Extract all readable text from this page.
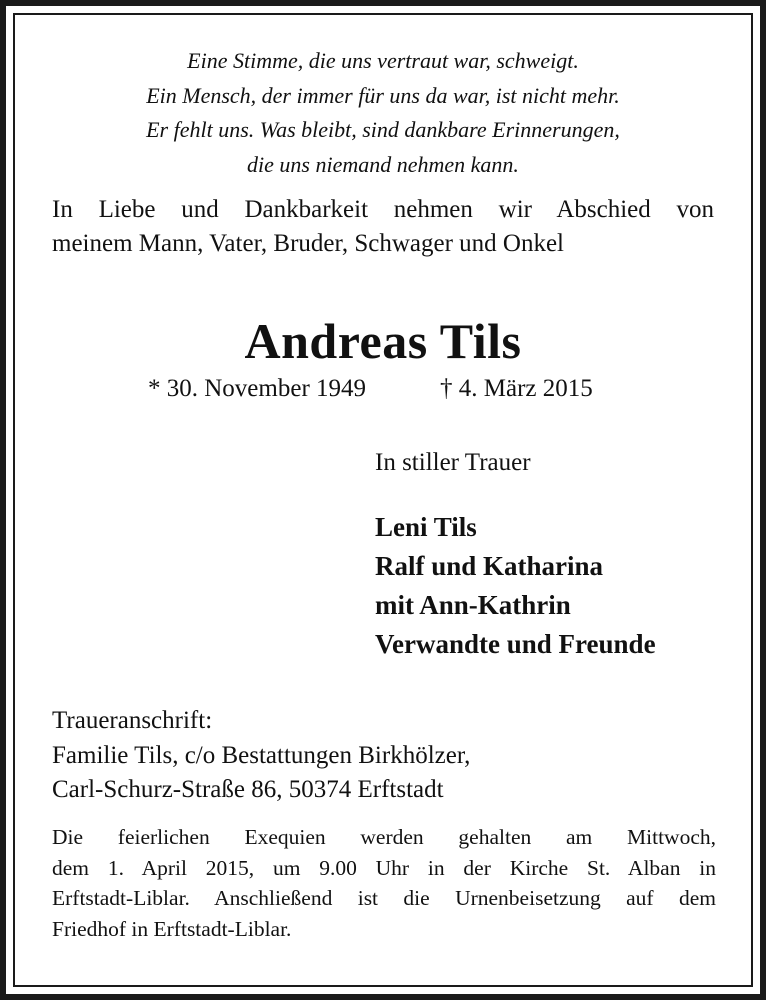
Eine Stimme, die uns vertraut war, schweigt.
Ein Mensch, der immer für uns da war, ist nicht mehr.
Er fehlt uns. Was bleibt, sind dankbare Erinnerungen,
die uns niemand nehmen kann.
In Liebe und Dankbarkeit nehmen wir Abschied von
meinem Mann, Vater, Bruder, Schwager und Onkel
Andreas Tils
* 30. November 1949	† 4. März 2015
In stiller Trauer
Leni Tils
Ralf und Katharina
mit Ann-Kathrin
Verwandte und Freunde
Traueranschrift:
Familie Tils, c/o Bestattungen Birkhölzer,
Carl-Schurz-Straße 86, 50374 Erftstadt
Die feierlichen Exequien werden gehalten am Mittwoch,
dem 1. April 2015, um 9.00 Uhr in der Kirche St. Alban in
Erftstadt-Liblar. Anschließend ist die Urnenbeisetzung auf dem
Friedhof in Erftstadt-Liblar.
